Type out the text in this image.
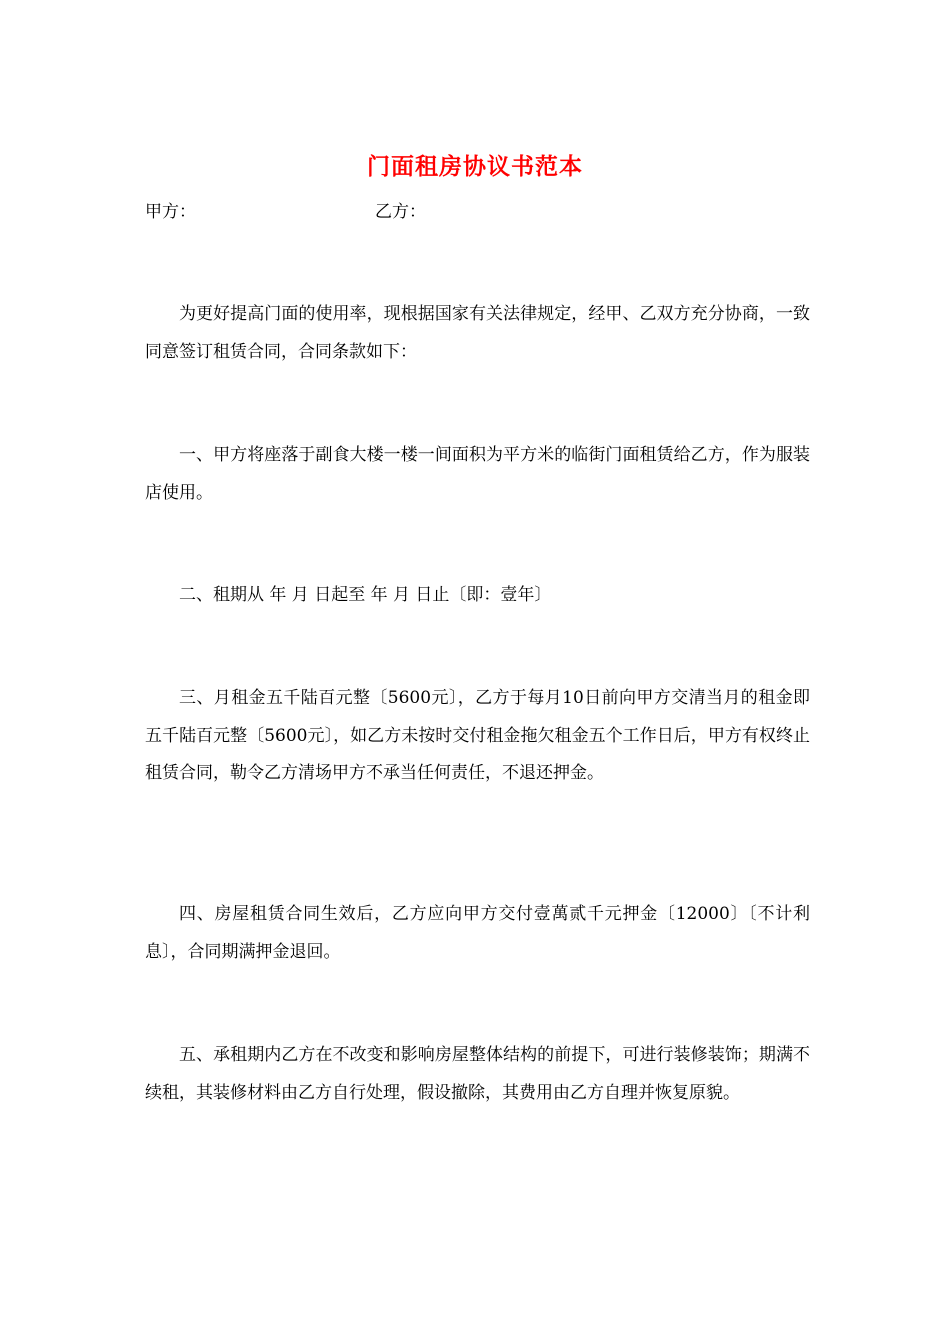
门面租房协议书范本
甲方：	乙方：
为更好提高门面的使用率，现根据国家有关法律规定，经甲、乙双方充分协商，一致同意签订租赁合同，合同条款如下：
一、甲方将座落于副食大楼一楼一间面积为平方米的临街门面租赁给乙方，作为服装店使用。
二、租期从 年 月 日起至 年 月 日止〔即：壹年〕
三、月租金五千陆百元整〔5600元〕，乙方于每月10日前向甲方交清当月的租金即五千陆百元整〔5600元〕，如乙方未按时交付租金拖欠租金五个工作日后，甲方有权终止租赁合同，勒令乙方清场甲方不承当任何责任，不退还押金。
四、房屋租赁合同生效后，乙方应向甲方交付壹萬贰千元押金〔12000〕〔不计利息〕，合同期满押金退回。
五、承租期内乙方在不改变和影响房屋整体结构的前提下，可进行装修装饰；期满不续租，其装修材料由乙方自行处理，假设撤除，其费用由乙方自理并恢复原貌。
